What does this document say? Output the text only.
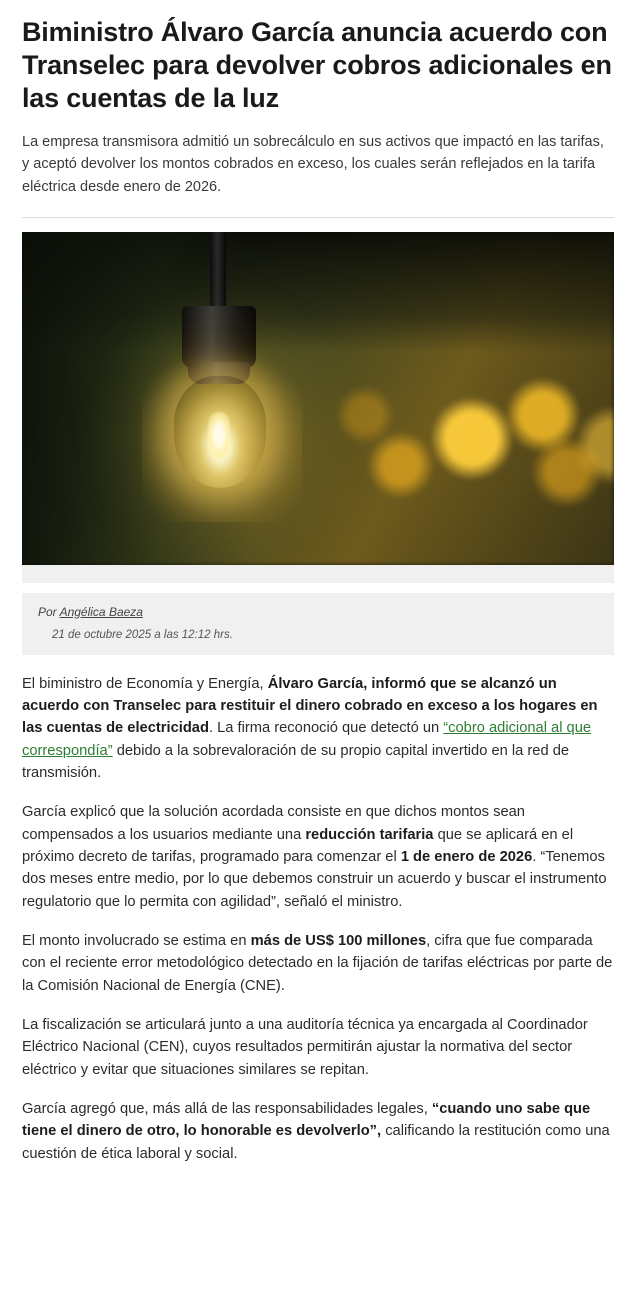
Biministro Álvaro García anuncia acuerdo con Transelec para devolver cobros adicionales en las cuentas de la luz

La empresa transmisora admitió un sobrecálculo en sus activos que impactó en las tarifas, y aceptó devolver los montos cobrados en exceso, los cuales serán reflejados en la tarifa eléctrica desde enero de 2026.

Por Angélica Baeza
21 de octubre 2025 a las 12:12 hrs.

El biministro de Economía y Energía, Álvaro García, informó que se alcanzó un acuerdo con Transelec para restituir el dinero cobrado en exceso a los hogares en las cuentas de electricidad. La firma reconoció que detectó un “cobro adicional al que correspondía” debido a la sobrevaloración de su propio capital invertido en la red de transmisión.

García explicó que la solución acordada consiste en que dichos montos sean compensados a los usuarios mediante una reducción tarifaria que se aplicará en el próximo decreto de tarifas, programado para comenzar el 1 de enero de 2026. “Tenemos dos meses entre medio, por lo que debemos construir un acuerdo y buscar el instrumento regulatorio que lo permita con agilidad”, señaló el ministro.

El monto involucrado se estima en más de US$ 100 millones, cifra que fue comparada con el reciente error metodológico detectado en la fijación de tarifas eléctricas por parte de la Comisión Nacional de Energía (CNE).

La fiscalización se articulará junto a una auditoría técnica ya encargada al Coordinador Eléctrico Nacional (CEN), cuyos resultados permitirán ajustar la normativa del sector eléctrico y evitar que situaciones similares se repitan.

García agregó que, más allá de las responsabilidades legales, “cuando uno sabe que tiene el dinero de otro, lo honorable es devolverlo”, calificando la restitución como una cuestión de ética laboral y social.
